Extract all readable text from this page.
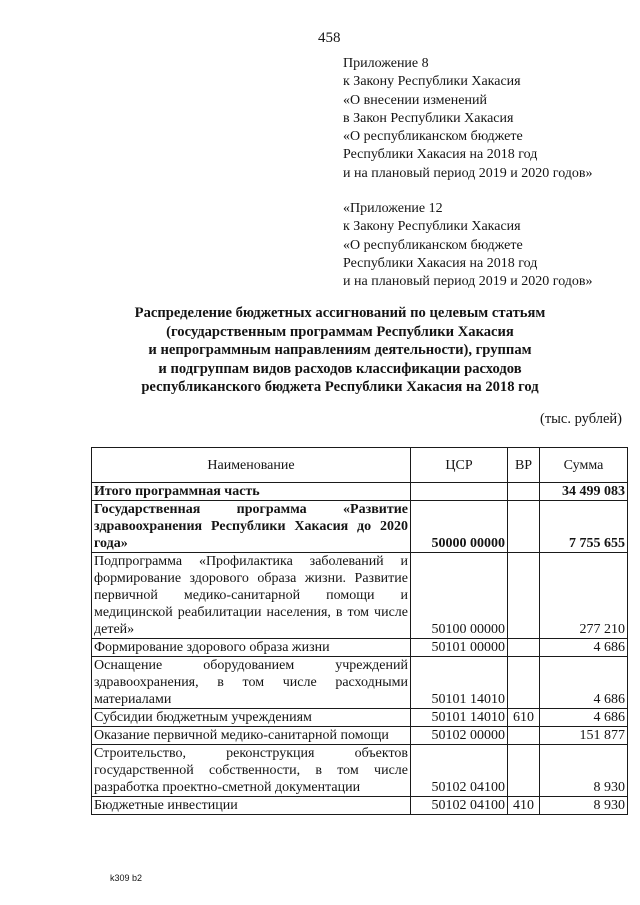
458
Приложение 8
к Закону Республики Хакасия
«О внесении изменений
в Закон Республики Хакасия
«О республиканском бюджете
Республики Хакасия на 2018 год
и на плановый период 2019 и 2020 годов»
«Приложение 12
к Закону Республики Хакасия
«О республиканском бюджете
Республики Хакасия на 2018 год
и на плановый период 2019 и 2020 годов»
Распределение бюджетных ассигнований по целевым статьям
(государственным программам Республики Хакасия
и непрограммным направлениям деятельности), группам
и подгруппам видов расходов классификации расходов
республиканского бюджета Республики Хакасия на 2018 год
(тыс. рублей)
Наименование	ЦСР	ВР	Сумма
Итого программная часть			34 499 083
Государственная программа «Развитие здравоохранения Республики Хакасия до 2020 года»	50000 00000		7 755 655
Подпрограмма «Профилактика заболеваний и формирование здорового образа жизни. Развитие первичной медико-санитарной помощи и медицинской реабилитации населения, в том числе детей»	50100 00000		277 210
Формирование здорового образа жизни	50101 00000		4 686
Оснащение оборудованием учреждений здравоохранения, в том числе расходными материалами	50101 14010		4 686
Субсидии бюджетным учреждениям	50101 14010	610	4 686
Оказание первичной медико-санитарной помощи	50102 00000		151 877
Строительство, реконструкция объектов государственной собственности, в том числе разработка проектно-сметной документации	50102 04100		8 930
Бюджетные инвестиции	50102 04100	410	8 930
k309 b2
